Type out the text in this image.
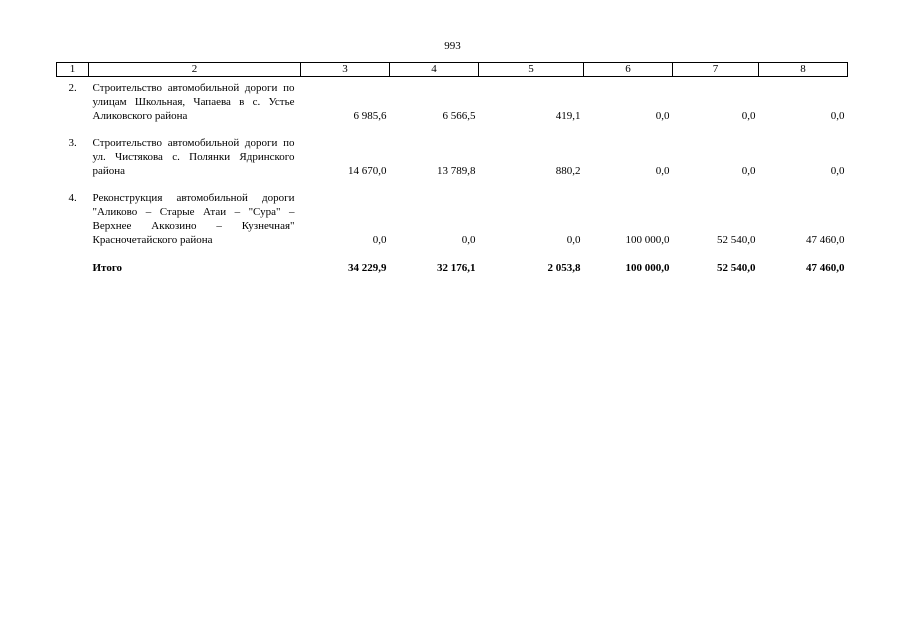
993
1	2	3	4	5	6	7	8
2.	Строительство автомобильной дороги по улицам Школьная, Чапаева в с. Устье Аликовского района	6 985,6	6 566,5	419,1	0,0	0,0	0,0
3.	Строительство автомобильной дороги по ул. Чистякова с. Полянки Ядринского района	14 670,0	13 789,8	880,2	0,0	0,0	0,0
4.	Реконструкция автомобильной дороги "Аликово – Старые Атаи – "Сура" – Верхнее Аккозино – Кузнечная" Красночетайского района	0,0	0,0	0,0	100 000,0	52 540,0	47 460,0
	Итого	34 229,9	32 176,1	2 053,8	100 000,0	52 540,0	47 460,0
